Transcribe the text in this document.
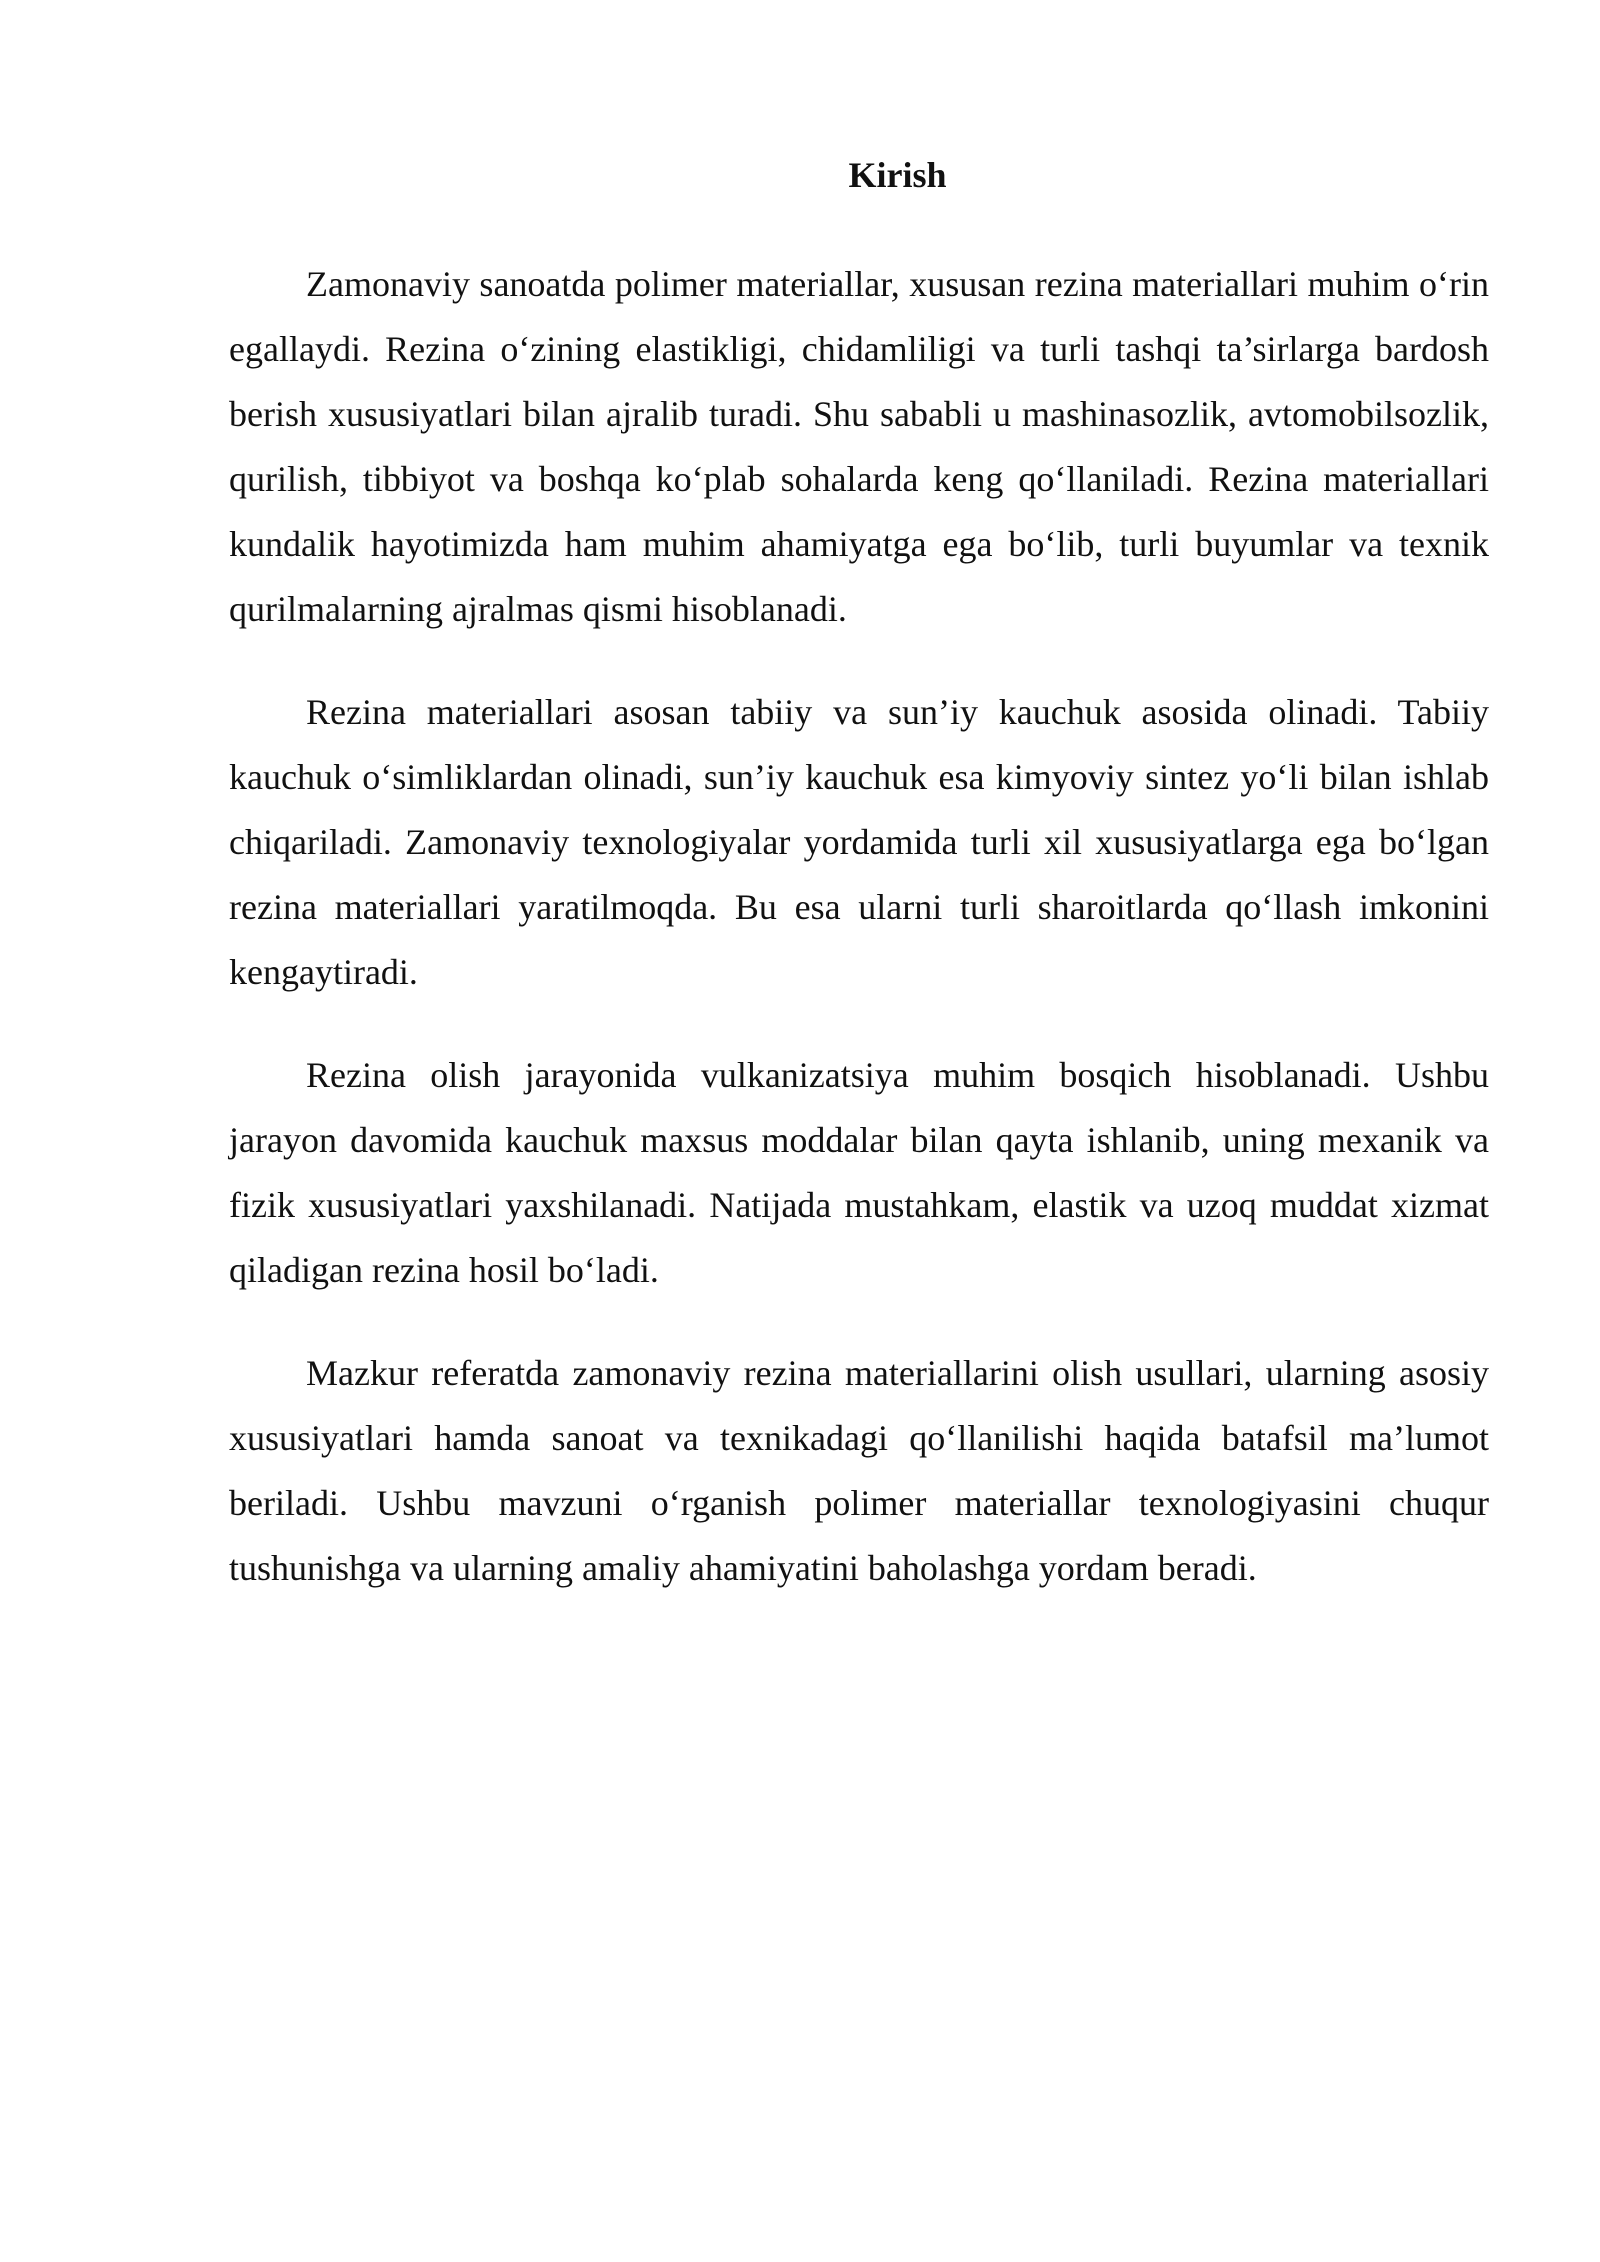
Kirish

Zamonaviy sanoatda polimer materiallar, xususan rezina materiallari muhim o‘rin egallaydi. Rezina o‘zining elastikligi, chidamliligi va turli tashqi ta’sirlarga bardosh berish xususiyatlari bilan ajralib turadi. Shu sababli u mashinasozlik, avtomobilsozlik, qurilish, tibbiyot va boshqa ko‘plab sohalarda keng qo‘llaniladi. Rezina materiallari kundalik hayotimizda ham muhim ahamiyatga ega bo‘lib, turli buyumlar va texnik qurilmalarning ajralmas qismi hisoblanadi.

Rezina materiallari asosan tabiiy va sun’iy kauchuk asosida olinadi. Tabiiy kauchuk o‘simliklardan olinadi, sun’iy kauchuk esa kimyoviy sintez yo‘li bilan ishlab chiqariladi. Zamonaviy texnologiyalar yordamida turli xil xususiyatlarga ega bo‘lgan rezina materiallari yaratilmoqda. Bu esa ularni turli sharoitlarda qo‘llash imkonini kengaytiradi.

Rezina olish jarayonida vulkanizatsiya muhim bosqich hisoblanadi. Ushbu jarayon davomida kauchuk maxsus moddalar bilan qayta ishlanib, uning mexanik va fizik xususiyatlari yaxshilanadi. Natijada mustahkam, elastik va uzoq muddat xizmat qiladigan rezina hosil bo‘ladi.

Mazkur referatda zamonaviy rezina materiallarini olish usullari, ularning asosiy xususiyatlari hamda sanoat va texnikadagi qo‘llanilishi haqida batafsil ma’lumot beriladi. Ushbu mavzuni o‘rganish polimer materiallar texnologiyasini chuqur tushunishga va ularning amaliy ahamiyatini baholashga yordam beradi.
